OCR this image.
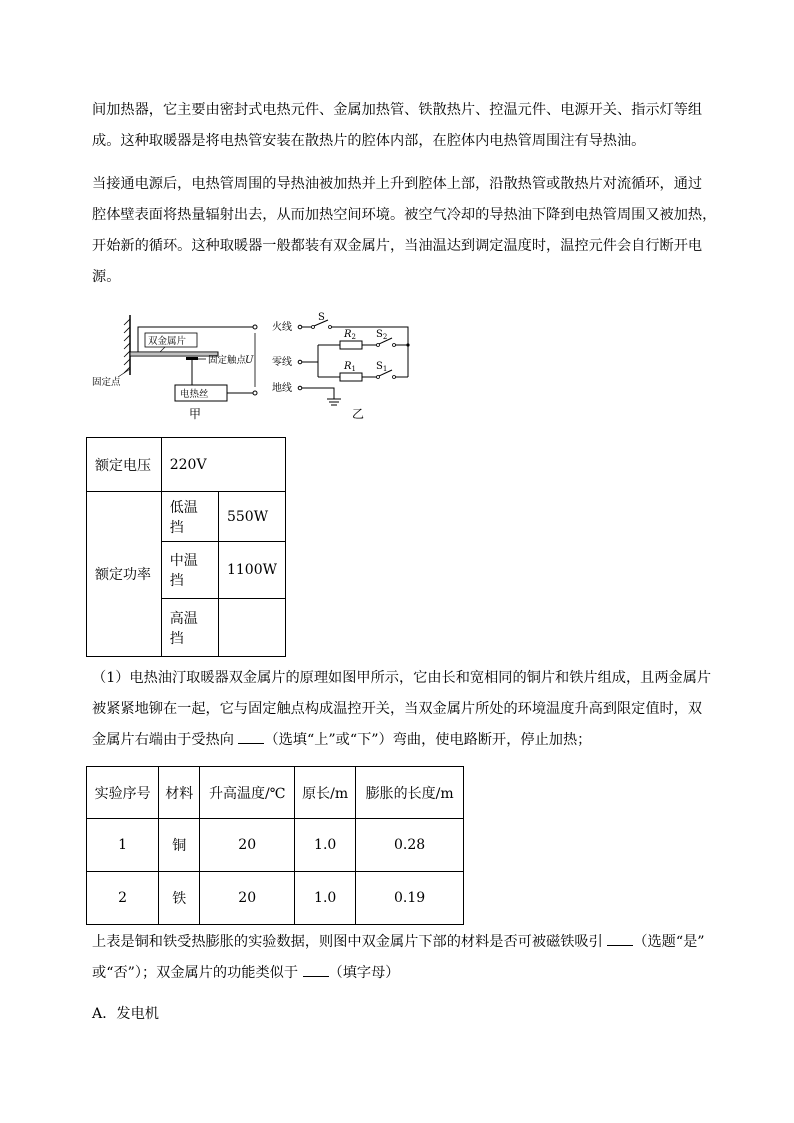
间加热器，它主要由密封式电热元件、金属加热管、铁散热片、控温元件、电源开关、指示灯等组
成。这种取暖器是将电热管安装在散热片的腔体内部，在腔体内电热管周围注有导热油。

当接通电源后，电热管周围的导热油被加热并上升到腔体上部，沿散热管或散热片对流循环，通过
腔体壁表面将热量辐射出去，从而加热空间环境。被空气冷却的导热油下降到电热管周围又被加热，
开始新的循环。这种取暖器一般都装有双金属片，当油温达到调定温度时，温控元件会自行断开电
源。

双金属片
固定触点
固定点
电热丝
U
甲
火线
零线
地线
S
$R_2$ $S_2$
$R_1$ $S_1$
乙
额定电压	220V	
额定功率	低温挡	550W
	中温挡	1100W
	高温挡	

（1）电热油汀取暖器双金属片的原理如图甲所示，它由长和宽相同的铜片和铁片组成，且两金属片
被紧紧地铆在一起，它与固定触点构成温控开关，当双金属片所处的环境温度升高到限定值时，双
金属片右端由于受热向 （选填“上”或“下”）弯曲，使电路断开，停止加热；

实验序号	材料	升高温度/℃	原长/m	膨胀的长度/m
1	铜	20	1.0	0.28
2	铁	20	1.0	0.19

上表是铜和铁受热膨胀的实验数据，则图中双金属片下部的材料是否可被磁铁吸引 （选题“是”
或“否”）；双金属片的功能类似于 （填字母）

A．发电机
